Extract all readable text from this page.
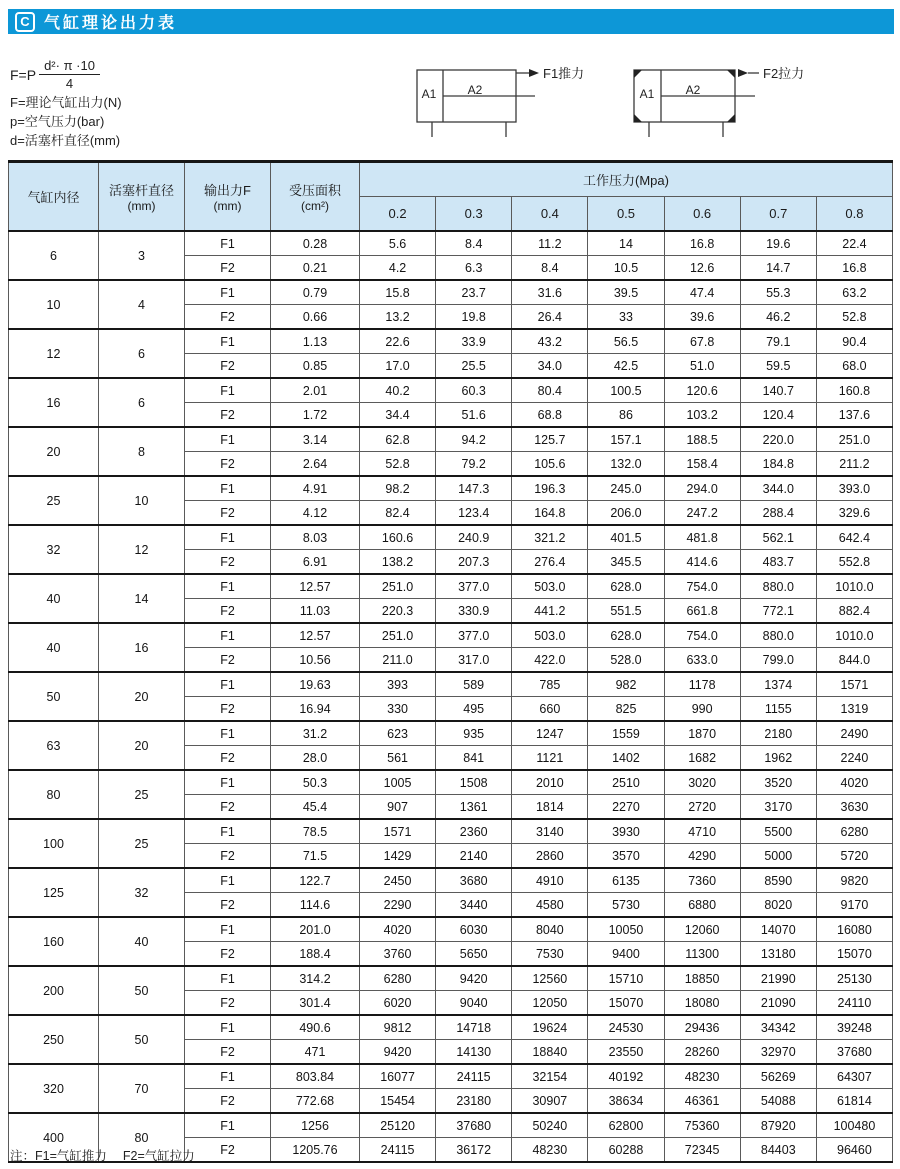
C 气缸理论出力表
$F=P \frac{\text{d²· π ·10}}{4}$
F=理论气缸出力(N)
p=空气压力(bar)
d=活塞杆直径(mm)
A1	A2
F1推力
A1	A2
F2拉力
气缸内径	活塞杆直径
(mm)

输出力F
(mm)

受压面积
(cm²)
	工作压力(Mpa)
				0.2	0.3	0.4	0.5	0.6	0.7	0.8
6	3	F1	0.28	5.6	8.4	11.2	14	16.8	19.6	22.4
		F2	0.21	4.2	6.3	8.4	10.5	12.6	14.7	16.8
10	4	F1	0.79	15.8	23.7	31.6	39.5	47.4	55.3	63.2
		F2	0.66	13.2	19.8	26.4	33	39.6	46.2	52.8
12	6	F1	1.13	22.6	33.9	43.2	56.5	67.8	79.1	90.4
		F2	0.85	17.0	25.5	34.0	42.5	51.0	59.5	68.0
16	6	F1	2.01	40.2	60.3	80.4	100.5	120.6	140.7	160.8
		F2	1.72	34.4	51.6	68.8	86	103.2	120.4	137.6
20	8	F1	3.14	62.8	94.2	125.7	157.1	188.5	220.0	251.0
		F2	2.64	52.8	79.2	105.6	132.0	158.4	184.8	211.2
25	10	F1	4.91	98.2	147.3	196.3	245.0	294.0	344.0	393.0
		F2	4.12	82.4	123.4	164.8	206.0	247.2	288.4	329.6
32	12	F1	8.03	160.6	240.9	321.2	401.5	481.8	562.1	642.4
		F2	6.91	138.2	207.3	276.4	345.5	414.6	483.7	552.8
40	14	F1	12.57	251.0	377.0	503.0	628.0	754.0	880.0	1010.0
		F2	11.03	220.3	330.9	441.2	551.5	661.8	772.1	882.4
40	16	F1	12.57	251.0	377.0	503.0	628.0	754.0	880.0	1010.0
		F2	10.56	211.0	317.0	422.0	528.0	633.0	799.0	844.0
50	20	F1	19.63	393	589	785	982	1178	1374	1571
		F2	16.94	330	495	660	825	990	1155	1319
63	20	F1	31.2	623	935	1247	1559	1870	2180	2490
		F2	28.0	561	841	1121	1402	1682	1962	2240
80	25	F1	50.3	1005	1508	2010	2510	3020	3520	4020
		F2	45.4	907	1361	1814	2270	2720	3170	3630
100	25	F1	78.5	1571	2360	3140	3930	4710	5500	6280
		F2	71.5	1429	2140	2860	3570	4290	5000	5720
125	32	F1	122.7	2450	3680	4910	6135	7360	8590	9820
		F2	114.6	2290	3440	4580	5730	6880	8020	9170
160	40	F1	201.0	4020	6030	8040	10050	12060	14070	16080
		F2	188.4	3760	5650	7530	9400	11300	13180	15070
200	50	F1	314.2	6280	9420	12560	15710	18850	21990	25130
		F2	301.4	6020	9040	12050	15070	18080	21090	24110
250	50	F1	490.6	9812	14718	19624	24530	29436	34342	39248
		F2	471	9420	14130	18840	23550	28260	32970	37680
320	70	F1	803.84	16077	24115	32154	40192	48230	56269	64307
		F2	772.68	15454	23180	30907	38634	46361	54088	61814
400	80	F1	1256	25120	37680	50240	62800	75360	87920	100480
		F2	1205.76	24115	36172	48230	60288	72345	84403	96460
注：F1=气缸推力　 F2=气缸拉力
